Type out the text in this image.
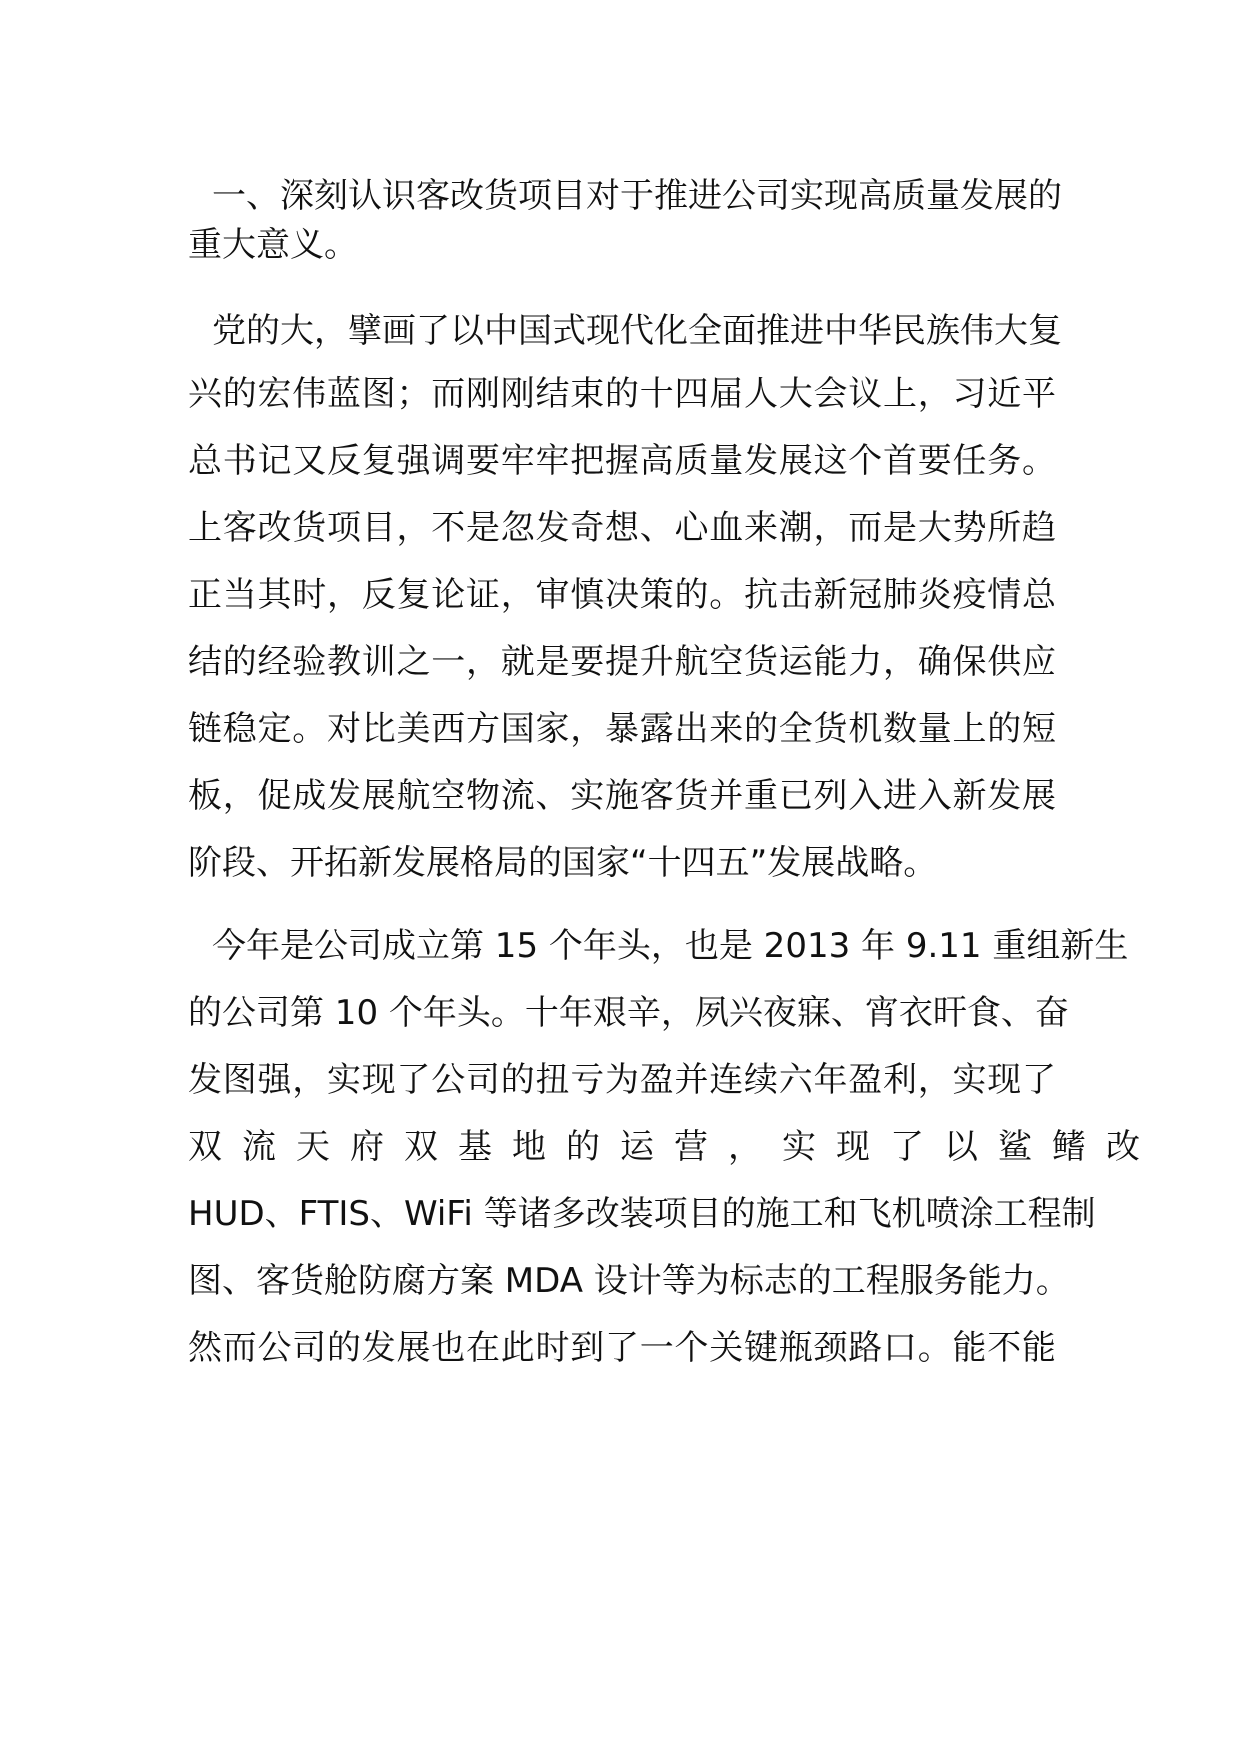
一、深刻认识客改货项目对于推进公司实现高质量发展的

重大意义。

党的大，擘画了以中国式现代化全面推进中华民族伟大复

兴的宏伟蓝图；而刚刚结束的十四届人大会议上，习近平

总书记又反复强调要牢牢把握高质量发展这个首要任务。

上客改货项目，不是忽发奇想、心血来潮，而是大势所趋

正当其时，反复论证，审慎决策的。抗击新冠肺炎疫情总

结的经验教训之一，就是要提升航空货运能力，确保供应

链稳定。对比美西方国家，暴露出来的全货机数量上的短

板，促成发展航空物流、实施客货并重已列入进入新发展

阶段、开拓新发展格局的国家“十四五”发展战略。

今年是公司成立第 15 个年头，也是 2013 年 9.11 重组新生

的公司第 10 个年头。十年艰辛，夙兴夜寐、宵衣旰食、奋

发图强，实现了公司的扭亏为盈并连续六年盈利，实现了

双流天府双基地的运营，实现了以鲨鳍改

HUD、FTIS、WiFi 等诸多改装项目的施工和飞机喷涂工程制

图、客货舱防腐方案 MDA 设计等为标志的工程服务能力。

然而公司的发展也在此时到了一个关键瓶颈路口。能不能
